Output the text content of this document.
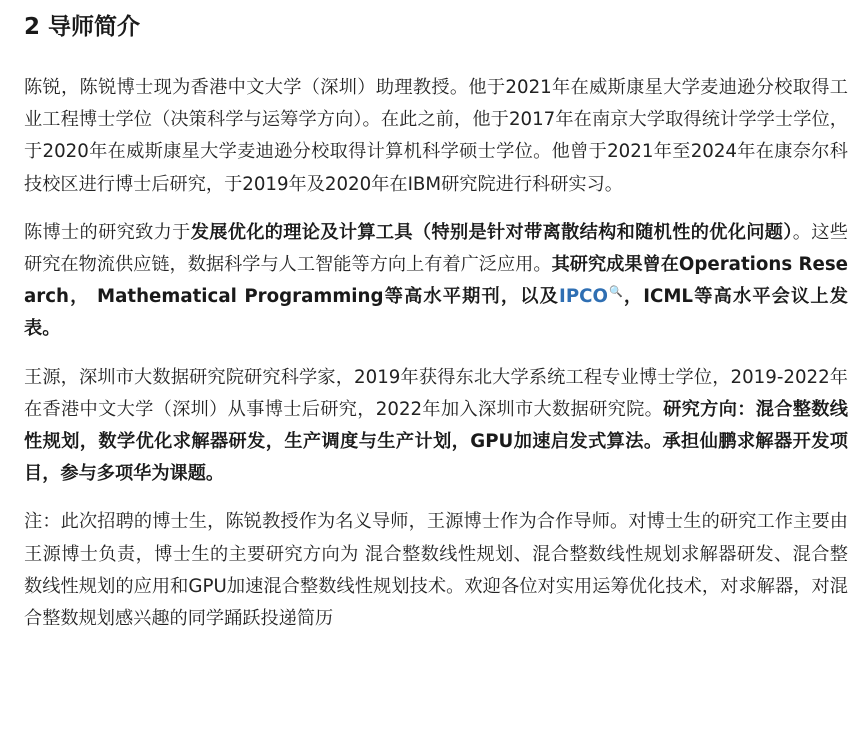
2 导师简介

陈锐，陈锐博士现为香港中文大学（深圳）助理教授。他于2021年在威斯康星大学麦迪逊分校取得工业工程博士学位（决策科学与运筹学方向）。在此之前，他于2017年在南京大学取得统计学学士学位，于2020年在威斯康星大学麦迪逊分校取得计算机科学硕士学位。他曾于2021年至2024年在康奈尔科技校区进行博士后研究，于2019年及2020年在IBM研究院进行科研实习。

陈博士的研究致力于发展优化的理论及计算工具（特别是针对带离散结构和随机性的优化问题）。这些研究在物流供应链，数据科学与人工智能等方向上有着广泛应用。其研究成果曾在Operations Research， Mathematical Programming等高水平期刊，以及IPCO🔍，ICML等高水平会议上发表。

王源，深圳市大数据研究院研究科学家，2019年获得东北大学系统工程专业博士学位，2019-2022年在香港中文大学（深圳）从事博士后研究，2022年加入深圳市大数据研究院。研究方向：混合整数线性规划，数学优化求解器研发，生产调度与生产计划，GPU加速启发式算法。承担仙鹏求解器开发项目，参与多项华为课题。

注：此次招聘的博士生，陈锐教授作为名义导师，王源博士作为合作导师。对博士生的研究工作主要由王源博士负责，博士生的主要研究方向为 混合整数线性规划、混合整数线性规划求解器研发、混合整数线性规划的应用和GPU加速混合整数线性规划技术。欢迎各位对实用运筹优化技术，对求解器，对混合整数规划感兴趣的同学踊跃投递简历
